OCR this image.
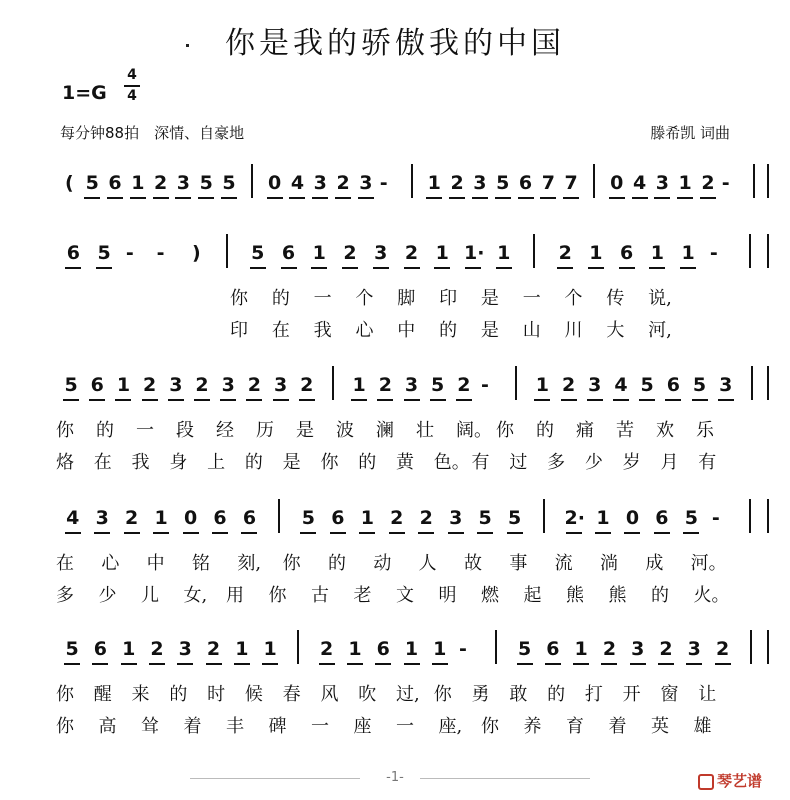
你是我的骄傲我的中国
1=G
4
4
每分钟88拍　深情、自豪地	滕希凯 词曲
( 5 6 1 2 3 5 5 0 4 3 2 3 - 1 2 3 5 6 7 7 0 4 3 1 2 -
6 5 - - )	5 6 1 2 3 2 1 1· 1	2 1 6 1 1 -
你 的 一 个 脚 印 是 一 个 传 说,
印 在 我 心 中 的 是 山 川 大 河,
5 6 1 2 3 2 3 2 3 2 1 2 3 5 2 - 1 2 3 4 5 6 5 3
你 的 一 段 经 历 是 波 澜 壮 阔。 你 的 痛 苦 欢 乐
烙 在 我 身 上 的 是 你 的 黄 色。 有 过 多 少 岁 月 有
4 3 2 1 0 6 6 5 6 1 2 2 3 5 5 2· 1 0 6 5 -
在 心 中 铭 刻, 你 的 动 人 故 事 流 淌 成 河。
多 少 儿 女, 用 你 古 老 文 明 燃 起 熊 熊 的 火。
5 6 1 2 3 2 1 1 2 1 6 1 1 -	5 6 1 2 3 2 3 2
你 醒 来 的 时 候 春 风 吹 过, 你 勇 敢 的 打 开 窗 让
你 高 耸 着 丰 碑 一 座 一 座, 你 养 育 着 英 雄
-1-	琴艺谱
